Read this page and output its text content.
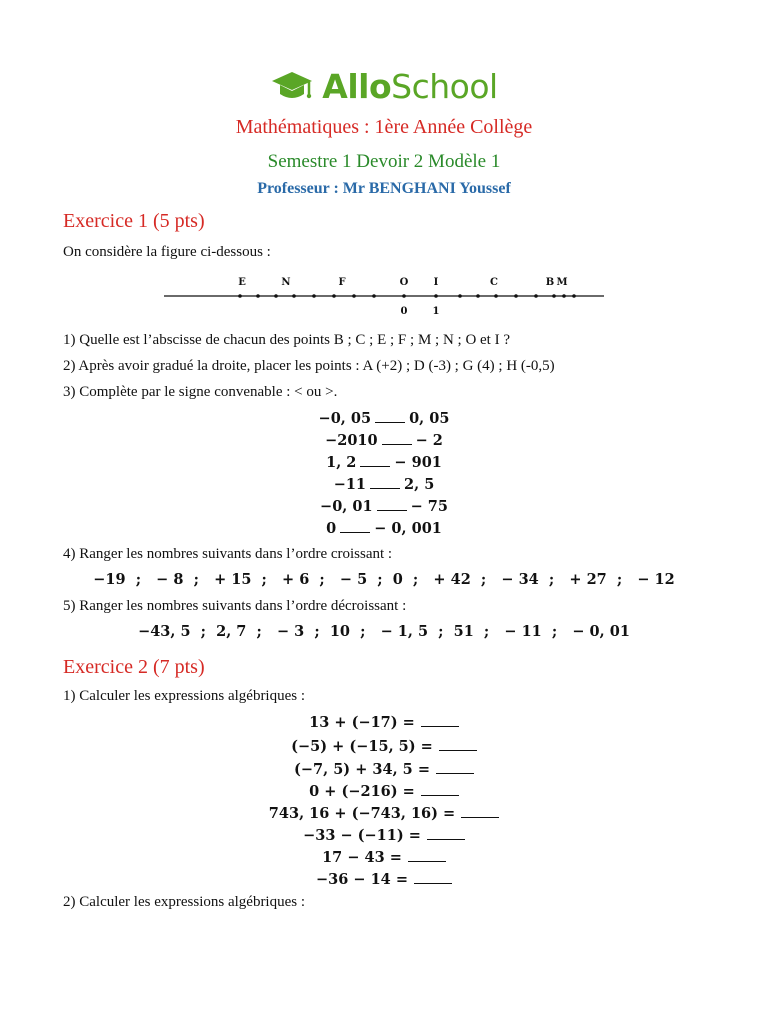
AlloSchool
Mathématiques : 1ère Année Collège
Semestre 1 Devoir 2 Modèle 1
Professeur : Mr BENGHANI Youssef
Exercice 1 (5 pts)
On considère la figure ci-dessous :
E	N	F	O	I	C	B M
0	1
1) Quelle est l’abscisse de chacun des points B ; C ; E ; F ; M ; N ; O et I ?
2) Après avoir gradué la droite, placer les points : A (+2) ; D (-3) ; G (4) ; H (-0,5)
3) Complète par le signe convenable : < ou >.
−0, 05	0, 05
−2010	− 2
1, 2	− 901
−11	2, 5
−0, 01	− 75
0	− 0, 001
4) Ranger les nombres suivants dans l’ordre croissant :
−19  ;   − 8  ;   + 15  ;   + 6  ;   − 5  ;  0  ;   + 42  ;   − 34  ;   + 27  ;   − 12
5) Ranger les nombres suivants dans l’ordre décroissant :
−43, 5  ;  2, 7  ;   − 3  ;  10  ;   − 1, 5  ;  51  ;   − 11  ;   − 0, 01
Exercice 2 (7 pts)
1) Calculer les expressions algébriques :
13 + (−17) =
(−5) + (−15, 5) =
(−7, 5) + 34, 5 =
0 + (−216) =
743, 16 + (−743, 16) =
−33 − (−11) =
17 − 43 =
−36 − 14 =
2) Calculer les expressions algébriques :
